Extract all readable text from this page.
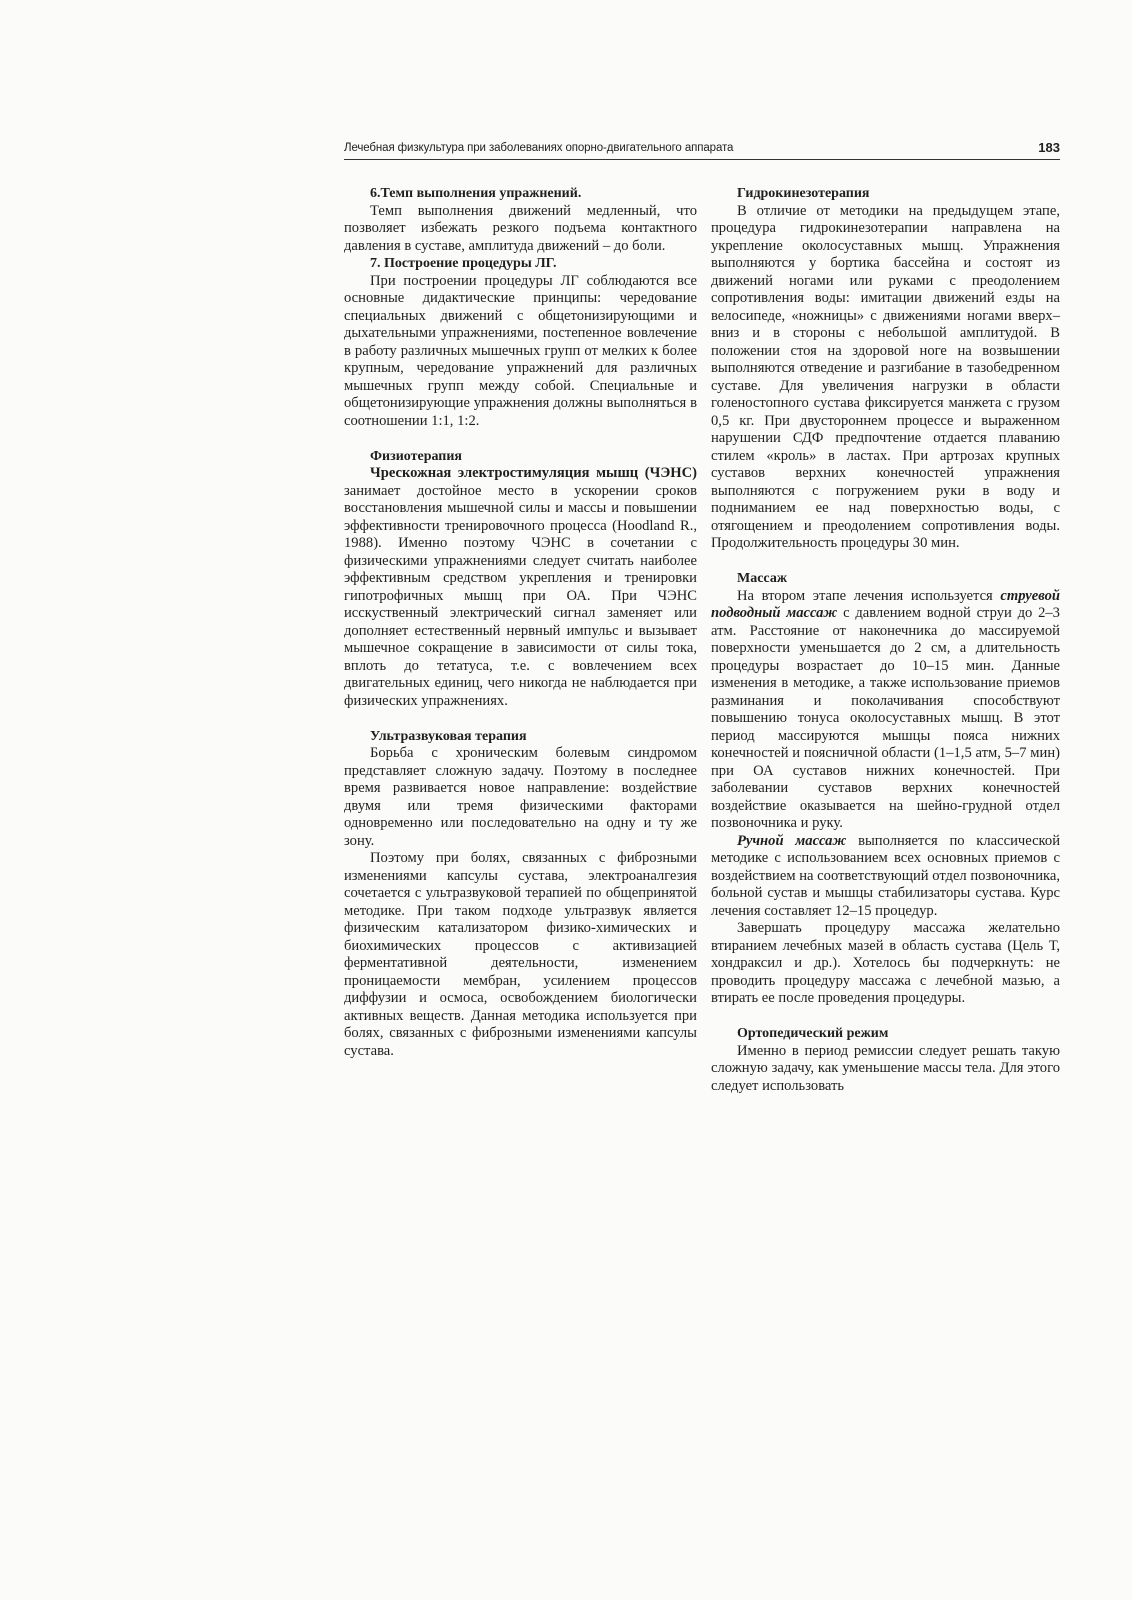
Лечебная физкультура при заболеваниях опорно-двигательного аппарата	183
6.Темп выполнения упражнений.

Темп выполнения движений медленный, что позволяет избежать резкого подъема контактного давления в суставе, амплитуда движений – до боли.

7. Построение процедуры ЛГ.

При построении процедуры ЛГ соблюдаются все основные дидактические принципы: чередование специальных движений с общетонизирующими и дыхательными упражнениями, постепенное вовлечение в работу различных мышечных групп от мелких к более крупным, чередование упражнений для различных мышечных групп между собой. Специальные и общетонизирующие упражнения должны выполняться в соотношении 1:1, 1:2.

Физиотерапия

Чрескожная электростимуляция мышц (ЧЭНС) занимает достойное место в ускорении сроков восстановления мышечной силы и массы и повышении эффективности тренировочного процесса (Hoodland R., 1988). Именно поэтому ЧЭНС в сочетании с физическими упражнениями следует считать наиболее эффективным средством укрепления и тренировки гипотрофичных мышц при ОА. При ЧЭНС исскуственный электрический сигнал заменяет или дополняет естественный нервный импульс и вызывает мышечное сокращение в зависимости от силы тока, вплоть до тетатуса, т.е. с вовлечением всех двигательных единиц, чего никогда не наблюдается при физических упражнениях.

Ультразвуковая терапия

Борьба с хроническим болевым синдромом представляет сложную задачу. Поэтому в последнее время развивается новое направление: воздействие двумя или тремя физическими факторами одновременно или последовательно на одну и ту же зону.

Поэтому при болях, связанных с фиброзными изменениями капсулы сустава, электроаналгезия сочетается с ультразвуковой терапией по общепринятой методике. При таком подходе ультразвук является физическим катализатором физико-химических и биохимических процессов с активизацией ферментативной деятельности, изменением проницаемости мембран, усилением процессов диффузии и осмоса, освобождением биологически активных веществ. Данная методика используется при болях, связанных с фиброзными изменениями капсулы сустава.

Гидрокинезотерапия

В отличие от методики на предыдущем этапе, процедура гидрокинезотерапии направлена на укрепление околосуставных мышц. Упражнения выполняются у бортика бассейна и состоят из движений ногами или руками с преодолением сопротивления воды: имитации движений езды на велосипеде, «ножницы» с движениями ногами вверх–вниз и в стороны с небольшой амплитудой. В положении стоя на здоровой ноге на возвышении выполняются отведение и разгибание в тазобедренном суставе. Для увеличения нагрузки в области голеностопного сустава фиксируется манжета с грузом 0,5 кг. При двустороннем процессе и выраженном нарушении СДФ предпочтение отдается плаванию стилем «кроль» в ластах. При артрозах крупных суставов верхних конечностей упражнения выполняются с погружением руки в воду и подниманием ее над поверхностью воды, с отягощением и преодолением сопротивления воды. Продолжительность процедуры 30 мин.

Массаж

На втором этапе лечения используется струевой подводный массаж с давлением водной струи до 2–3 атм. Расстояние от наконечника до массируемой поверхности уменьшается до 2 см, а длительность процедуры возрастает до 10–15 мин. Данные изменения в методике, а также использование приемов разминания и поколачивания способствуют повышению тонуса околосуставных мышц. В этот период массируются мышцы пояса нижних конечностей и поясничной области (1–1,5 атм, 5–7 мин) при ОА суставов нижних конечностей. При заболевании суставов верхних конечностей воздействие оказывается на шейно-грудной отдел позвоночника и руку.

Ручной массаж выполняется по классической методике с использованием всех основных приемов с воздействием на соответствующий отдел позвоночника, больной сустав и мышцы стабилизаторы сустава. Курс лечения составляет 12–15 процедур.

Завершать процедуру массажа желательно втиранием лечебных мазей в область сустава (Цель Т, хондраксил и др.). Хотелось бы подчеркнуть: не проводить процедуру массажа с лечебной мазью, а втирать ее после проведения процедуры.

Ортопедический режим

Именно в период ремиссии следует решать такую сложную задачу, как уменьшение массы тела. Для этого следует использовать
